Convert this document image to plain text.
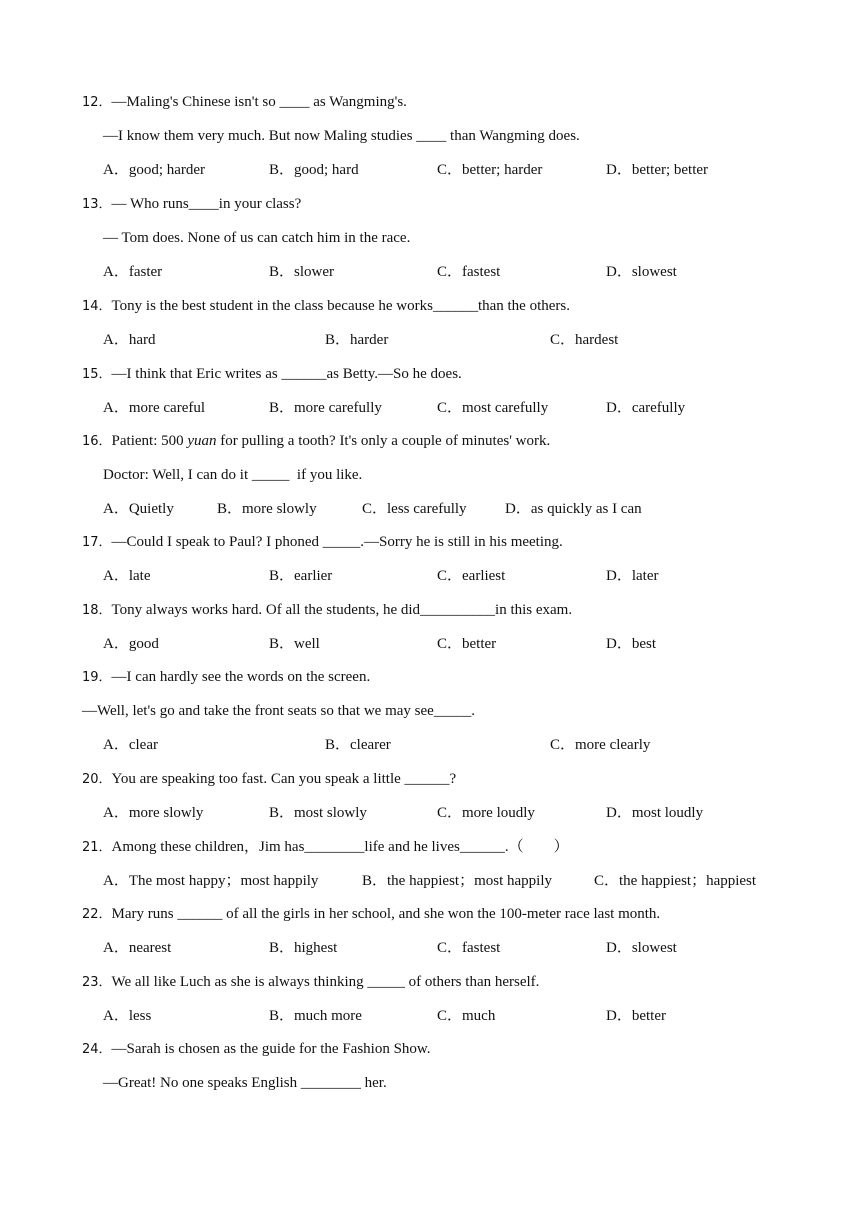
12．—Maling's Chinese isn't so ____ as Wangming's.
—I know them very much. But now Maling studies ____ than Wangming does.
A．good; harder	B．good; hard	C．better; harder	D．better; better
13．— Who runs____in your class?
— Tom does. None of us can catch him in the race.
A．faster	B．slower	C．fastest	D．slowest
14．Tony is the best student in the class because he works______than the others.
A．hard	B．harder	C．hardest
15．—I think that Eric writes as ______as Betty.—So he does.
A．more careful	B．more carefully	C．most carefully	D．carefully
16．Patient: 500 yuan for pulling a tooth? It's only a couple of minutes' work.
Doctor: Well, I can do it _____  if you like.
A．Quietly	B．more slowly	C．less carefully	D．as quickly as I can
17．—Could I speak to Paul? I phoned _____.—Sorry he is still in his meeting.
A．late	B．earlier	C．earliest	D．later
18．Tony always works hard. Of all the students, he did__________in this exam.
A．good	B．well	C．better	D．best
19．—I can hardly see the words on the screen.
—Well, let's go and take the front seats so that we may see_____.
A．clear	B．clearer	C．more clearly
20．You are speaking too fast. Can you speak a little ______?
A．more slowly	B．most slowly	C．more loudly	D．most loudly
21．Among these children，Jim has________life and he lives______.（　　）
A．The most happy；most happily	B．the happiest；most happily	C．the happiest；happiest
22．Mary runs ______ of all the girls in her school, and she won the 100-meter race last month.
A．nearest	B．highest	C．fastest	D．slowest
23．We all like Luch as she is always thinking _____ of others than herself.
A．less	B．much more	C．much	D．better
24．—Sarah is chosen as the guide for the Fashion Show.
—Great! No one speaks English ________ her.
